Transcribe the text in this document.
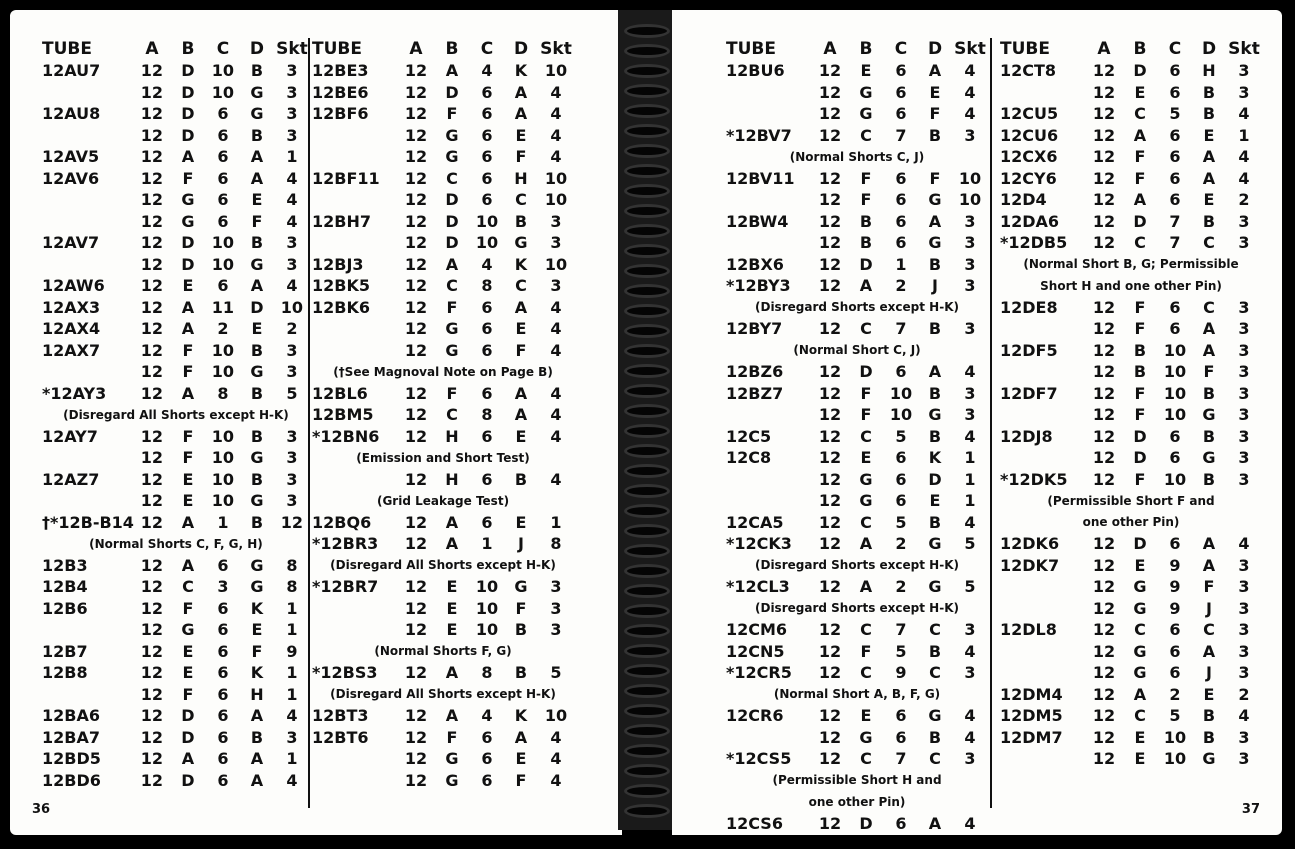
TUBE	A	B	C	D	Skt
12AU7	12	D	10	B	3
	12	D	10	G	3
12AU8	12	D	6	G	3
	12	D	6	B	3
12AV5	12	A	6	A	1
12AV6	12	F	6	A	4
	12	G	6	E	4
	12	G	6	F	4
12AV7	12	D	10	B	3
	12	D	10	G	3
12AW6	12	E	6	A	4
12AX3	12	A	11	D	10
12AX4	12	A	2	E	2
12AX7	12	F	10	B	3
	12	F	10	G	3
*12AY3	12	A	8	B	5
(Disregard All Shorts except H-K)					
12AY7	12	F	10	B	3
	12	F	10	G	3
12AZ7	12	E	10	B	3
	12	E	10	G	3
†*12B-B14	12	A	1	B	12
(Normal Shorts C, F, G, H)					
12B3	12	A	6	G	8
12B4	12	C	3	G	8
12B6	12	F	6	K	1
	12	G	6	E	1
12B7	12	E	6	F	9
12B8	12	E	6	K	1
	12	F	6	H	1
12BA6	12	D	6	A	4
12BA7	12	D	6	B	3
12BD5	12	A	6	A	1
12BD6	12	D	6	A	4
TUBE	A	B	C	D	Skt
12BE3	12	A	4	K	10
12BE6	12	D	6	A	4
12BF6	12	F	6	A	4
	12	G	6	E	4
	12	G	6	F	4
12BF11	12	C	6	H	10
	12	D	6	C	10
12BH7	12	D	10	B	3
	12	D	10	G	3
12BJ3	12	A	4	K	10
12BK5	12	C	8	C	3
12BK6	12	F	6	A	4
	12	G	6	E	4
	12	G	6	F	4
(†See Magnoval Note on Page B)					
12BL6	12	F	6	A	4
12BM5	12	C	8	A	4
*12BN6	12	H	6	E	4
(Emission and Short Test)					
	12	H	6	B	4
(Grid Leakage Test)					
12BQ6	12	A	6	E	1
*12BR3	12	A	1	J	8
(Disregard All Shorts except H-K)					
*12BR7	12	E	10	G	3
	12	E	10	F	3
	12	E	10	B	3
(Normal Shorts F, G)					
*12BS3	12	A	8	B	5
(Disregard All Shorts except H-K)					
12BT3	12	A	4	K	10
12BT6	12	F	6	A	4
	12	G	6	E	4
	12	G	6	F	4
36
TUBE	A	B	C	D	Skt
12BU6	12	E	6	A	4
	12	G	6	E	4
	12	G	6	F	4
*12BV7	12	C	7	B	3
(Normal Shorts C, J)					
12BV11	12	F	6	F	10
	12	F	6	G	10
12BW4	12	B	6	A	3
	12	B	6	G	3
12BX6	12	D	1	B	3
*12BY3	12	A	2	J	3
(Disregard Shorts except H-K)					
12BY7	12	C	7	B	3
(Normal Short C, J)					
12BZ6	12	D	6	A	4
12BZ7	12	F	10	B	3
	12	F	10	G	3
12C5	12	C	5	B	4
12C8	12	E	6	K	1
	12	G	6	D	1
	12	G	6	E	1
12CA5	12	C	5	B	4
*12CK3	12	A	2	G	5
(Disregard Shorts except H-K)					
*12CL3	12	A	2	G	5
(Disregard Shorts except H-K)					
12CM6	12	C	7	C	3
12CN5	12	F	5	B	4
*12CR5	12	C	9	C	3
(Normal Short A, B, F, G)					
12CR6	12	E	6	G	4
	12	G	6	B	4
*12CS5	12	C	7	C	3
(Permissible Short H and					
one other Pin)					
12CS6	12	D	6	A	4
TUBE	A	B	C	D	Skt
12CT8	12	D	6	H	3
	12	E	6	B	3
12CU5	12	C	5	B	4
12CU6	12	A	6	E	1
12CX6	12	F	6	A	4
12CY6	12	F	6	A	4
12D4	12	A	6	E	2
12DA6	12	D	7	B	3
*12DB5	12	C	7	C	3
(Normal Short B, G; Permissible					
Short H and one other Pin)					
12DE8	12	F	6	C	3
	12	F	6	A	3
12DF5	12	B	10	A	3
	12	B	10	F	3
12DF7	12	F	10	B	3
	12	F	10	G	3
12DJ8	12	D	6	B	3
	12	D	6	G	3
*12DK5	12	F	10	B	3
(Permissible Short F and					
one other Pin)					
12DK6	12	D	6	A	4
12DK7	12	E	9	A	3
	12	G	9	F	3
	12	G	9	J	3
12DL8	12	C	6	C	3
	12	G	6	A	3
	12	G	6	J	3
12DM4	12	A	2	E	2
12DM5	12	C	5	B	4
12DM7	12	E	10	B	3
	12	E	10	G	3
37
